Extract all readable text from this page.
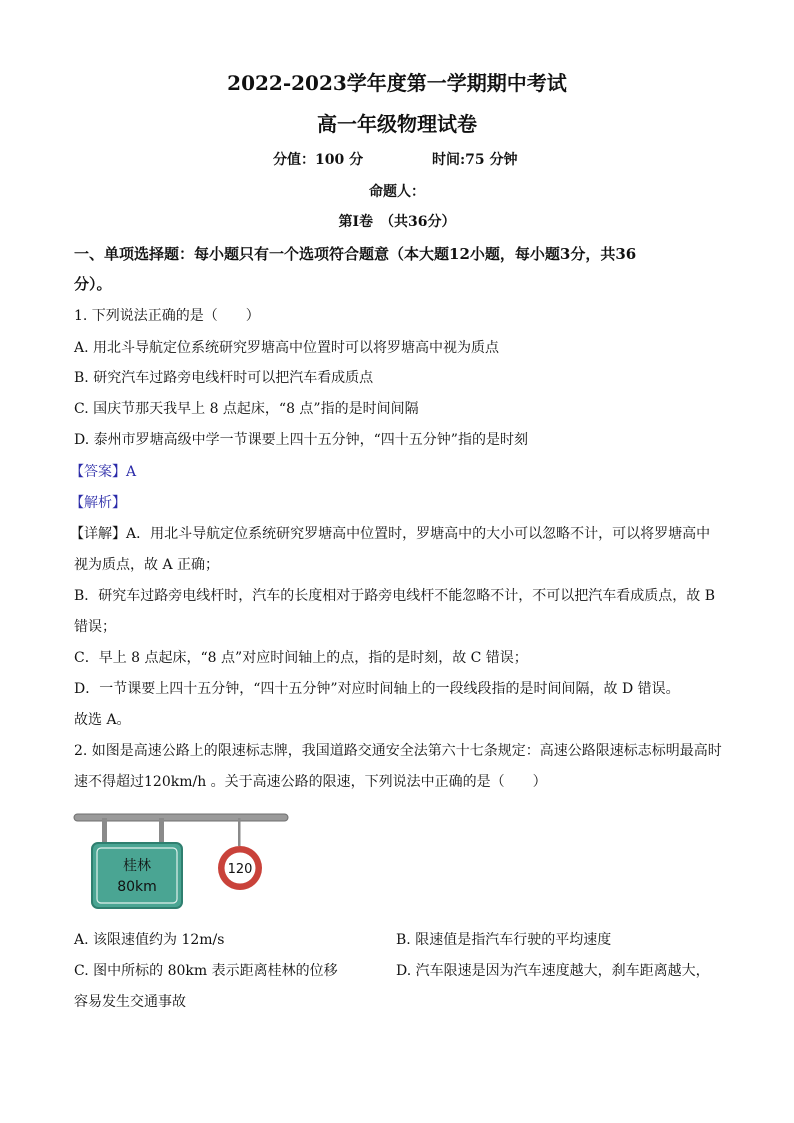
2022-2023学年度第一学期期中考试
高一年级物理试卷
分值：100 分	时间:75 分钟
命题人：
第Ⅰ卷　（共36分）
一、单项选择题：每小题只有一个选项符合题意（本大题12小题，每小题3分，共36
分）。
1. 下列说法正确的是（　　）
A. 用北斗导航定位系统研究罗塘高中位置时可以将罗塘高中视为质点
B. 研究汽车过路旁电线杆时可以把汽车看成质点
C. 国庆节那天我早上 8 点起床，“8 点”指的是时间间隔
D. 泰州市罗塘高级中学一节课要上四十五分钟，“四十五分钟”指的是时刻
【答案】A
【解析】
【详解】A．用北斗导航定位系统研究罗塘高中位置时，罗塘高中的大小可以忽略不计，可以将罗塘高中
视为质点，故 A 正确；
B．研究车过路旁电线杆时，汽车的长度相对于路旁电线杆不能忽略不计，不可以把汽车看成质点，故 B
错误；
C．早上 8 点起床，“8 点”对应时间轴上的点，指的是时刻，故 C 错误；
D．一节课要上四十五分钟，“四十五分钟”对应时间轴上的一段线段指的是时间间隔，故 D 错误。
故选 A。
2. 如图是高速公路上的限速标志牌，我国道路交通安全法第六十七条规定：高速公路限速标志标明最高时
速不得超过120km/h 。关于高速公路的限速，下列说法中正确的是（　　）
桂林
80km
120
A. 该限速值约为 12m/s	B. 限速值是指汽车行驶的平均速度
C. 图中所标的 80km 表示距离桂林的位移	D. 汽车限速是因为汽车速度越大，刹车距离越大，
容易发生交通事故
